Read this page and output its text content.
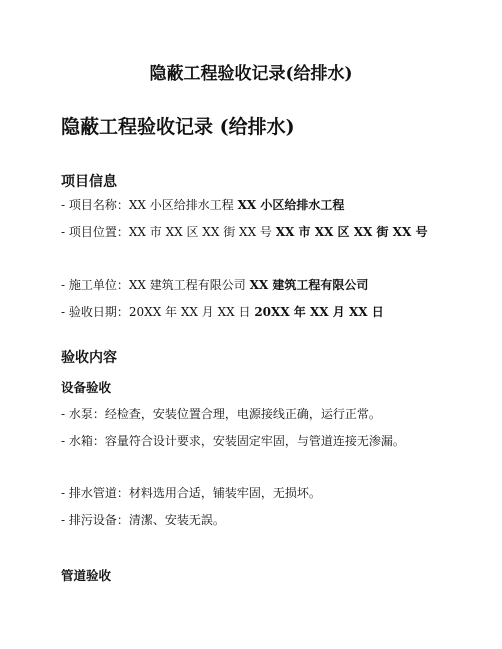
隐蔽工程验收记录(给排水)
隐蔽工程验收记录 (给排水)
项目信息
- 项目名称：XX 小区给排水工程 XX 小区给排水工程
- 项目位置：XX 市 XX 区 XX 街 XX 号 XX 市 XX 区 XX 街 XX 号
- 施工单位：XX 建筑工程有限公司 XX 建筑工程有限公司
- 验收日期：20XX 年 XX 月 XX 日 20XX 年 XX 月 XX 日
验收内容
设备验收
- 水泵：经检查，安装位置合理，电源接线正确，运行正常。
- 水箱：容量符合设计要求，安装固定牢固，与管道连接无渗漏。
- 排水管道：材料选用合适，铺装牢固，无损坏。
- 排污设备：清潔、安装无誤。
管道验收
